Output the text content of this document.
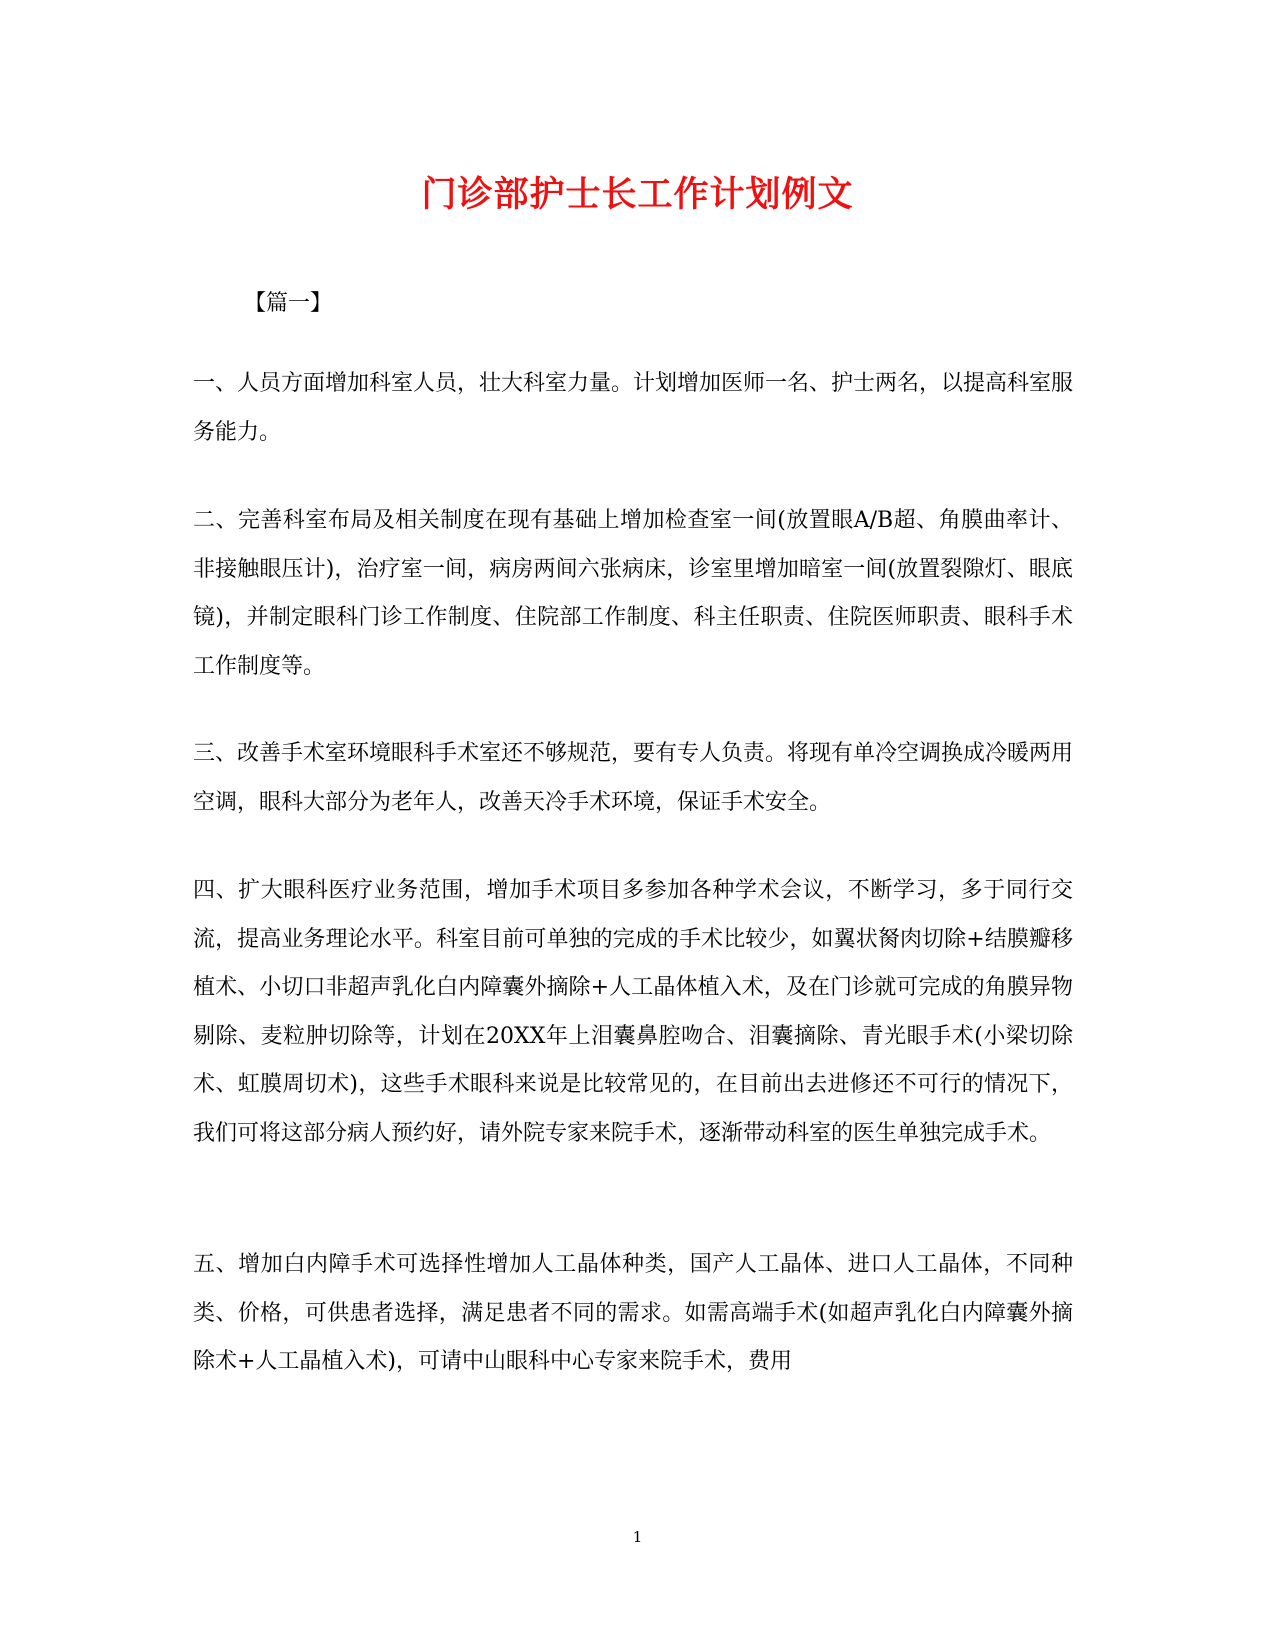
门诊部护士长工作计划例文
【篇一】
一、人员方面增加科室人员，壮大科室力量。计划增加医师一名、护士两名，以提高科室服务能力。
二、完善科室布局及相关制度在现有基础上增加检查室一间(放置眼A/B超、角膜曲率计、非接触眼压计)，治疗室一间，病房两间六张病床，诊室里增加暗室一间(放置裂隙灯、眼底镜)，并制定眼科门诊工作制度、住院部工作制度、科主任职责、住院医师职责、眼科手术工作制度等。
三、改善手术室环境眼科手术室还不够规范，要有专人负责。将现有单冷空调换成冷暖两用空调，眼科大部分为老年人，改善天冷手术环境，保证手术安全。
四、扩大眼科医疗业务范围，增加手术项目多参加各种学术会议，不断学习，多于同行交流，提高业务理论水平。科室目前可单独的完成的手术比较少，如翼状胬肉切除+结膜瓣移植术、小切口非超声乳化白内障囊外摘除+人工晶体植入术，及在门诊就可完成的角膜异物剔除、麦粒肿切除等，计划在20XX年上泪囊鼻腔吻合、泪囊摘除、青光眼手术(小梁切除术、虹膜周切术)，这些手术眼科来说是比较常见的，在目前出去进修还不可行的情况下，我们可将这部分病人预约好，请外院专家来院手术，逐渐带动科室的医生单独完成手术。
五、增加白内障手术可选择性增加人工晶体种类，国产人工晶体、进口人工晶体，不同种类、价格，可供患者选择，满足患者不同的需求。如需高端手术(如超声乳化白内障囊外摘除术+人工晶植入术)，可请中山眼科中心专家来院手术，费用
1
